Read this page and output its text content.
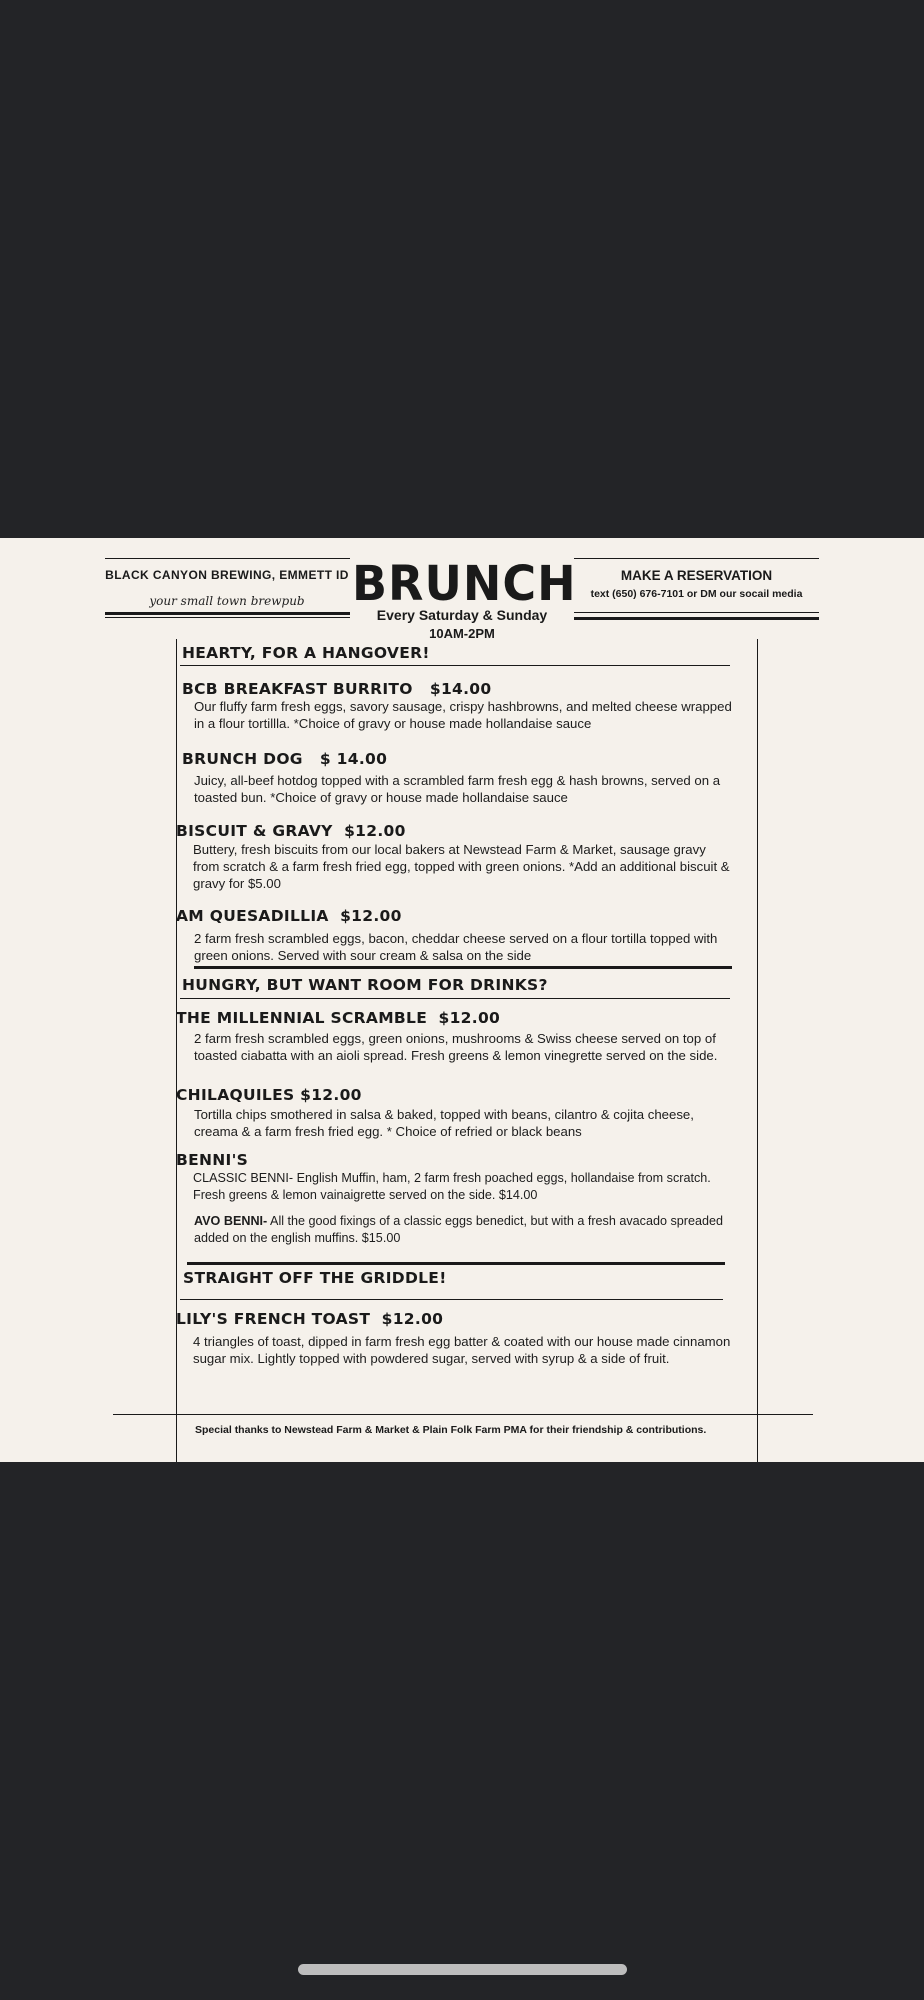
BLACK CANYON BREWING, EMMETT ID
your small town brewpub	BRUNCH
Every Saturday & Sunday
10AM-2PM
MAKE A RESERVATION
text (650) 676-7101 or DM our socail media
HEARTY, FOR A HANGOVER!
BCB BREAKFAST BURRITO   $14.00
Our fluffy farm fresh eggs, savory sausage, crispy hashbrowns, and melted cheese wrapped in a flour tortillla. *Choice of gravy or house made hollandaise sauce
BRUNCH DOG   $ 14.00
Juicy, all-beef hotdog topped with a scrambled farm fresh egg & hash browns, served on a toasted bun. *Choice of gravy or house made hollandaise sauce
BISCUIT & GRAVY  $12.00
Buttery, fresh biscuits from our local bakers at Newstead Farm & Market, sausage gravy from scratch & a farm fresh fried egg, topped with green onions. *Add an additional biscuit & gravy for $5.00
AM QUESADILLIA  $12.00
2 farm fresh scrambled eggs, bacon, cheddar cheese served on a flour tortilla topped with green onions. Served with sour cream & salsa on the side
HUNGRY, BUT WANT ROOM FOR DRINKS?
THE MILLENNIAL SCRAMBLE  $12.00
2 farm fresh scrambled eggs, green onions, mushrooms & Swiss cheese served on top of toasted ciabatta with an aioli spread. Fresh greens & lemon vinegrette served on the side.
CHILAQUILES $12.00
Tortilla chips smothered in salsa & baked, topped with beans, cilantro & cojita cheese, creama & a farm fresh fried egg. * Choice of refried or black beans
BENNI'S
CLASSIC BENNI- English Muffin, ham, 2 farm fresh poached eggs, hollandaise from scratch. Fresh greens & lemon vainaigrette served on the side. $14.00
AVO BENNI- All the good fixings of a classic eggs benedict, but with a fresh avacado spreaded added on the english muffins. $15.00
STRAIGHT OFF THE GRIDDLE!
LILY'S FRENCH TOAST  $12.00
4 triangles of toast, dipped in farm fresh egg batter & coated with our house made cinnamon sugar mix. Lightly topped with powdered sugar, served with syrup & a side of fruit.
Special thanks to Newstead Farm & Market & Plain Folk Farm PMA for their friendship & contributions.
